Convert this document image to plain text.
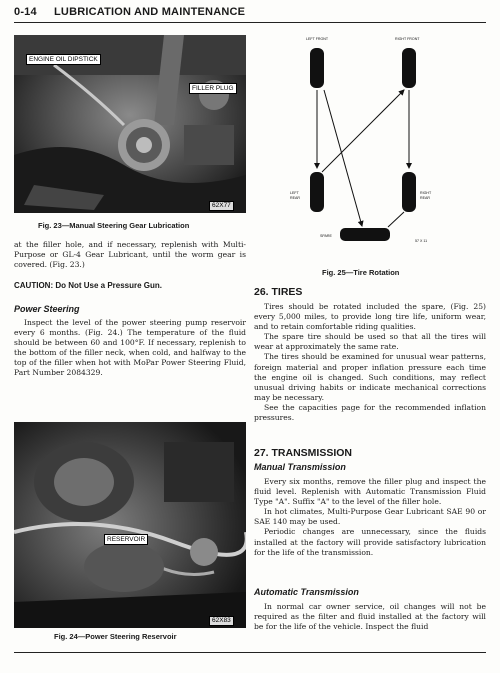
0-14 LUBRICATION AND MAINTENANCE
ENGINE OIL DIPSTICK
FILLER PLUG
62X77
Fig. 23—Manual Steering Gear Lubrication
at the filler hole, and if necessary, replenish with Multi-Purpose or GL-4 Gear Lubricant, until the worm gear is covered. (Fig. 23.)
CAUTION: Do Not Use a Pressure Gun.
Power Steering

Inspect the level of the power steering pump reservoir every 6 months. (Fig. 24.) The temperature of the fluid should be between 60 and 100°F. If necessary, replenish to the bottom of the filler neck, when cold, and halfway to the top of the filler when hot with MoPar Power Steering Fluid, Part Number 2084329.

RESERVOIR
62X83
Fig. 24—Power Steering Reservoir
LEFT FRONT	RIGHT FRONT
LEFT
REAR
RIGHT
REAR
SPARE
57 X 11
Fig. 25—Tire Rotation
26. TIRES

Tires should be rotated included the spare, (Fig. 25) every 5,000 miles, to provide long tire life, uniform wear, and to retain comfortable riding qualities.

The spare tire should be used so that all the tires will wear at approximately the same rate.

The tires should be examined for unusual wear patterns, foreign material and proper inflation pressure each time the engine oil is changed. Such conditions, may reflect unusual driving habits or indicate mechanical corrections may be necessary.

See the capacities page for the recommended inflation pressures.

27. TRANSMISSION
Manual Transmission

Every six months, remove the filler plug and inspect the fluid level. Replenish with Automatic Transmission Fluid Type "A". Suffix "A" to the level of the filler hole.

In hot climates, Multi-Purpose Gear Lubricant SAE 90 or SAE 140 may be used.

Periodic changes are unnecessary, since the fluids installed at the factory will provide satisfactory lubrication for the life of the transmission.

Automatic Transmission

In normal car owner service, oil changes will not be required as the filter and fluid installed at the factory will be for the life of the vehicle. Inspect the fluid
